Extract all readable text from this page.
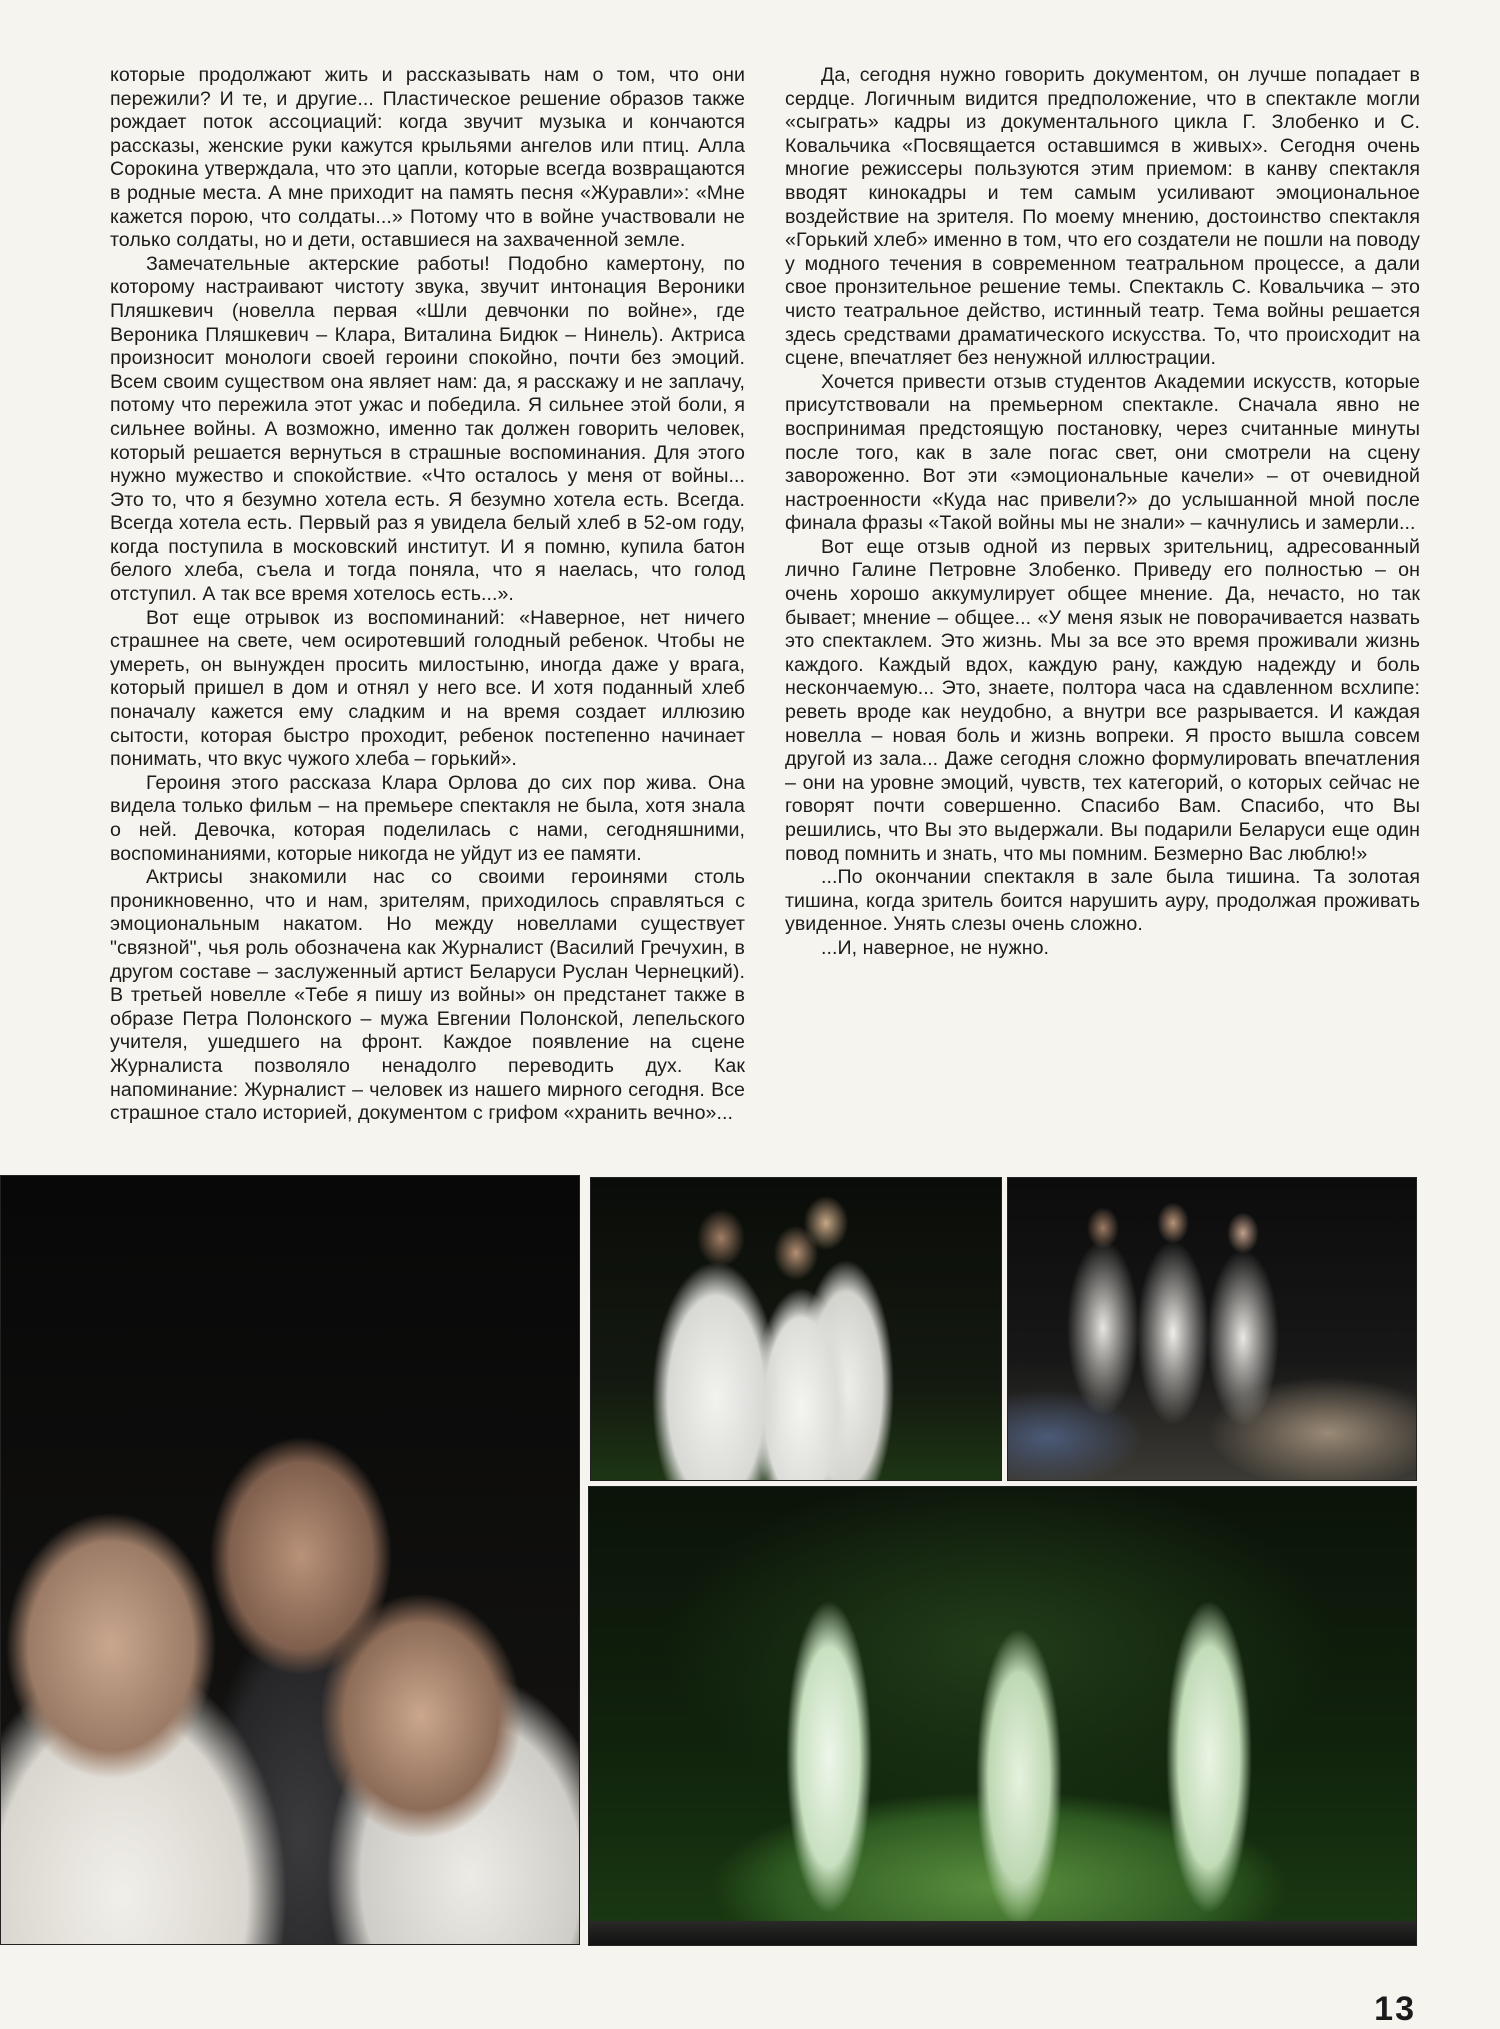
которые продолжают жить и рассказывать нам о том, что они пережили? И те, и другие... Пластическое решение образов также рождает поток ассоциаций: когда звучит музыка и кончаются рассказы, женские руки кажутся крыльями ангелов или птиц. Алла Сорокина утверждала, что это цапли, которые всегда возвращаются в родные места. А мне приходит на память песня «Журавли»: «Мне кажется порою, что солдаты...» Потому что в войне участвовали не только солдаты, но и дети, оставшиеся на захваченной земле.

Замечательные актерские работы! Подобно камертону, по которому настраивают чистоту звука, звучит интонация Вероники Пляшкевич (новелла первая «Шли девчонки по войне», где Вероника Пляшкевич – Клара, Виталина Бидюк – Нинель). Актриса произносит монологи своей героини спокойно, почти без эмоций. Всем своим существом она являет нам: да, я расскажу и не заплачу, потому что пережила этот ужас и победила. Я сильнее этой боли, я сильнее войны. А возможно, именно так должен говорить человек, который решается вернуться в страшные воспоминания. Для этого нужно мужество и спокойствие. «Что осталось у меня от войны... Это то, что я безумно хотела есть. Я безумно хотела есть. Всегда. Всегда хотела есть. Первый раз я увидела белый хлеб в 52-ом году, когда поступила в московский институт. И я помню, купила батон белого хлеба, съела и тогда поняла, что я наелась, что голод отступил. А так все время хотелось есть...».

Вот еще отрывок из воспоминаний: «Наверное, нет ничего страшнее на свете, чем осиротевший голодный ребенок. Чтобы не умереть, он вынужден просить милостыню, иногда даже у врага, который пришел в дом и отнял у него все. И хотя поданный хлеб поначалу кажется ему сладким и на время создает иллюзию сытости, которая быстро проходит, ребенок постепенно начинает понимать, что вкус чужого хлеба – горький».

Героиня этого рассказа Клара Орлова до сих пор жива. Она видела только фильм – на премьере спектакля не была, хотя знала о ней. Девочка, которая поделилась с нами, сегодняшними, воспоминаниями, которые никогда не уйдут из ее памяти.

Актрисы знакомили нас со своими героинями столь проникновенно, что и нам, зрителям, приходилось справляться с эмоциональным накатом. Но между новеллами существует "связной", чья роль обозначена как Журналист (Василий Гречухин, в другом составе – заслуженный артист Беларуси Руслан Чернецкий). В третьей новелле «Тебе я пишу из войны» он предстанет также в образе Петра Полонского – мужа Евгении Полонской, лепельского учителя, ушедшего на фронт. Каждое появление на сцене Журналиста позволяло ненадолго переводить дух. Как напоминание: Журналист – человек из нашего мирного сегодня. Все страшное стало историей, документом с грифом «хранить вечно»...

Да, сегодня нужно говорить документом, он лучше попадает в сердце. Логичным видится предположение, что в спектакле могли «сыграть» кадры из документального цикла Г. Злобенко и С. Ковальчика «Посвящается оставшимся в живых». Сегодня очень многие режиссеры пользуются этим приемом: в канву спектакля вводят кинокадры и тем самым усиливают эмоциональное воздействие на зрителя. По моему мнению, достоинство спектакля «Горький хлеб» именно в том, что его создатели не пошли на поводу у модного течения в современном театральном процессе, а дали свое пронзительное решение темы. Спектакль С. Ковальчика – это чисто театральное действо, истинный театр. Тема войны решается здесь средствами драматического искусства. То, что происходит на сцене, впечатляет без ненужной иллюстрации.

Хочется привести отзыв студентов Академии искусств, которые присутствовали на премьерном спектакле. Сначала явно не воспринимая предстоящую постановку, через считанные минуты после того, как в зале погас свет, они смотрели на сцену завороженно. Вот эти «эмоциональные качели» – от очевидной настроенности «Куда нас привели?» до услышанной мной после финала фразы «Такой войны мы не знали» – качнулись и замерли...

Вот еще отзыв одной из первых зрительниц, адресованный лично Галине Петровне Злобенко. Приведу его полностью – он очень хорошо аккумулирует общее мнение. Да, нечасто, но так бывает; мнение – общее... «У меня язык не поворачивается назвать это спектаклем. Это жизнь. Мы за все это время проживали жизнь каждого. Каждый вдох, каждую рану, каждую надежду и боль нескончаемую... Это, знаете, полтора часа на сдавленном всхлипе: реветь вроде как неудобно, а внутри все разрывается. И каждая новелла – новая боль и жизнь вопреки. Я просто вышла совсем другой из зала... Даже сегодня сложно формулировать впечатления – они на уровне эмоций, чувств, тех категорий, о которых сейчас не говорят почти совершенно. Спасибо Вам. Спасибо, что Вы решились, что Вы это выдержали. Вы подарили Беларуси еще один повод помнить и знать, что мы помним. Безмерно Вас люблю!»

...По окончании спектакля в зале была тишина. Та золотая тишина, когда зритель боится нарушить ауру, продолжая проживать увиденное. Унять слезы очень сложно.

...И, наверное, не нужно.

13
